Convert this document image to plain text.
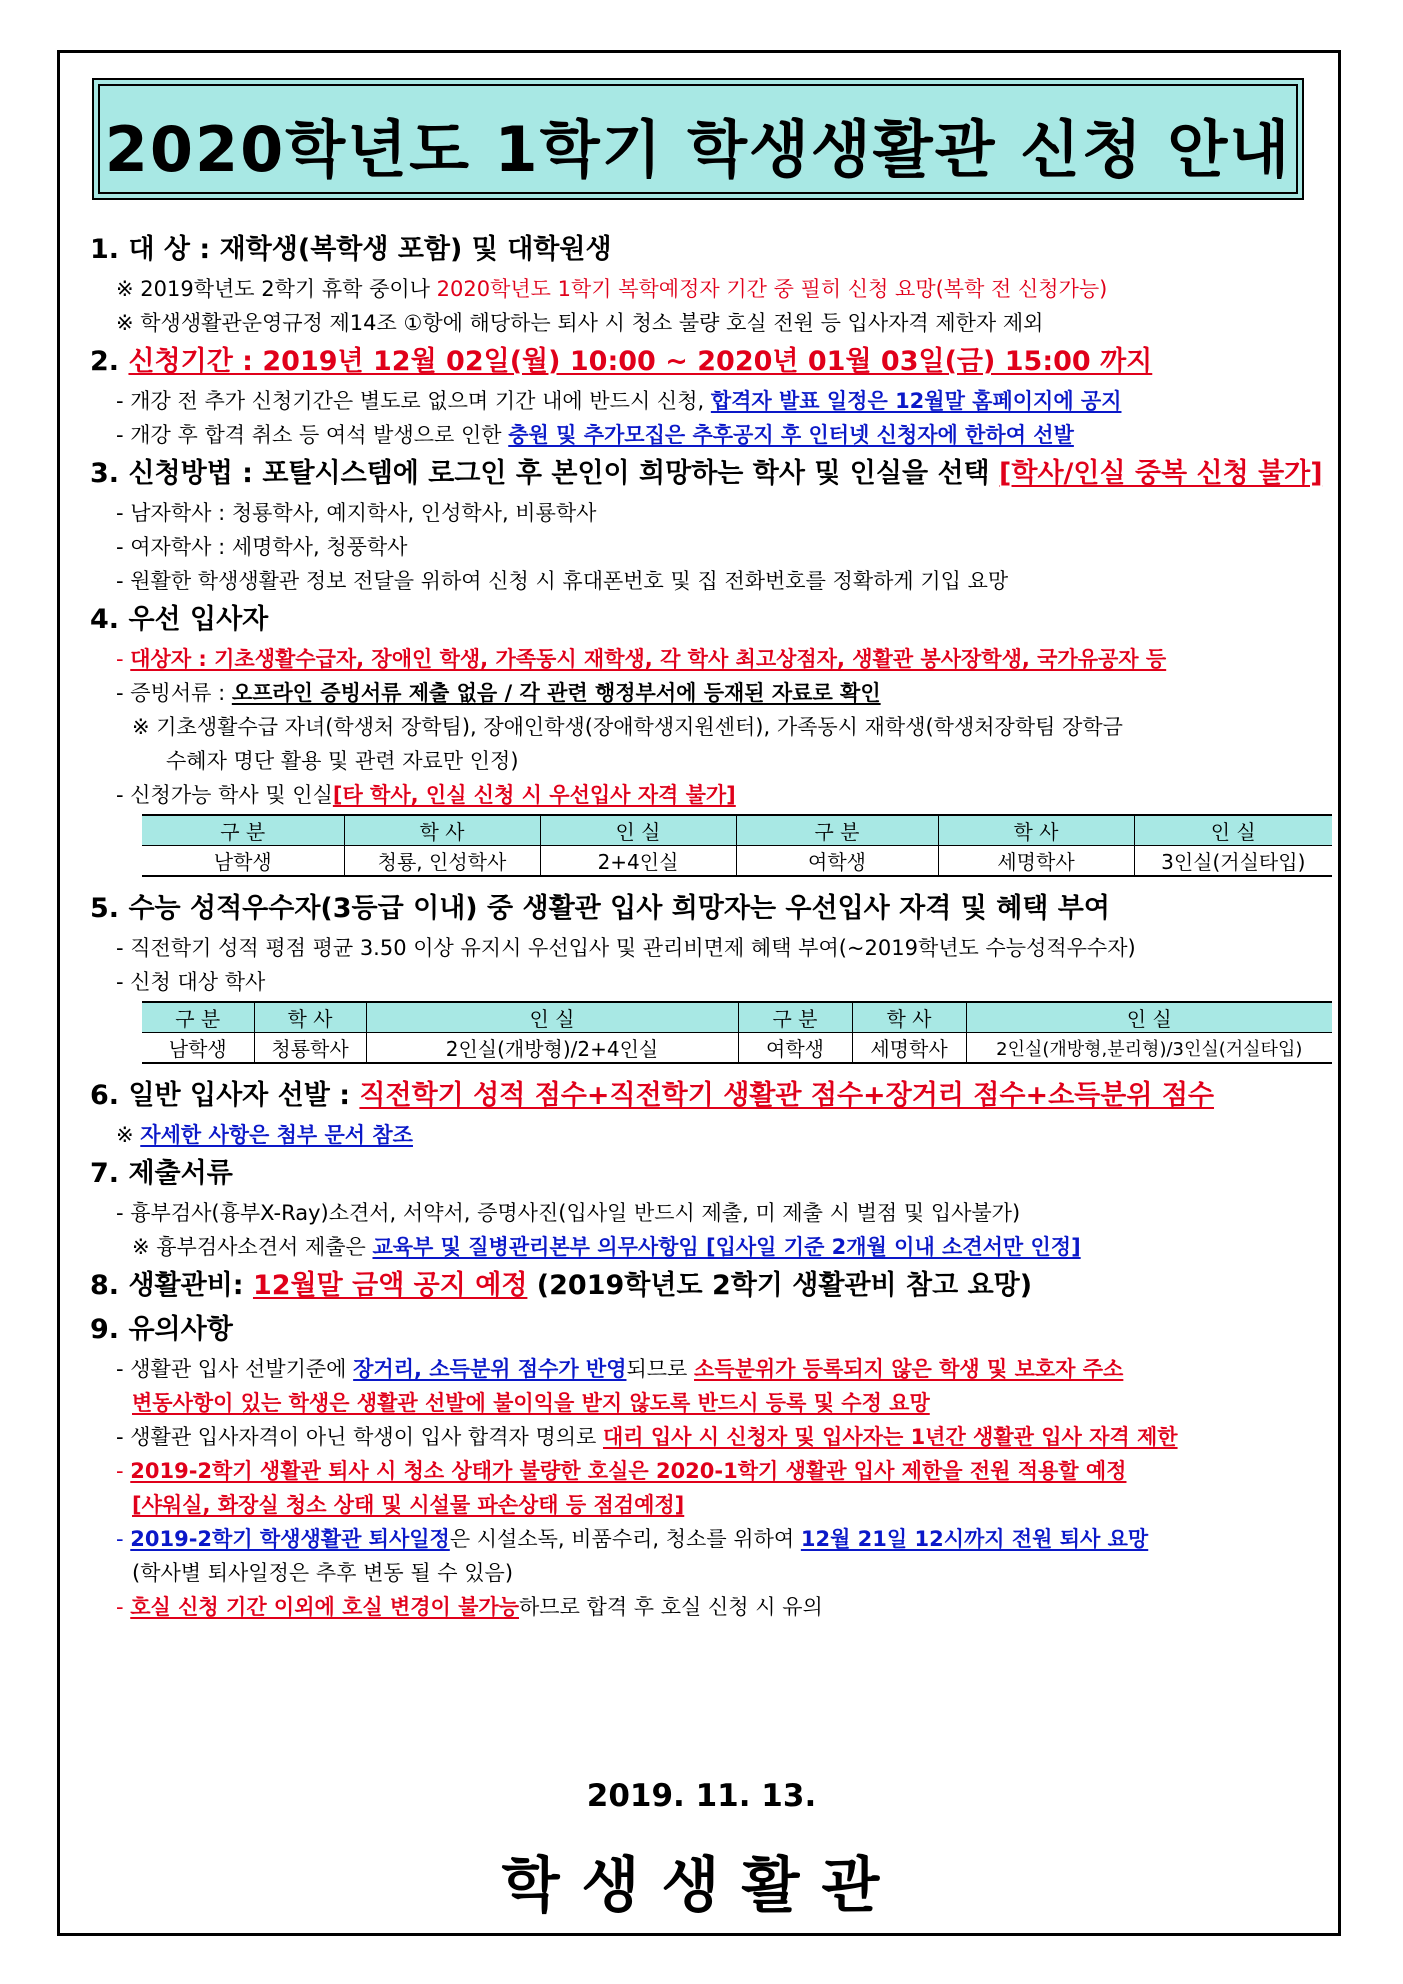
2020학년도 1학기 학생생활관 신청 안내
1. 대 상 : 재학생(복학생 포함) 및 대학원생
※ 2019학년도 2학기 휴학 중이나 2020학년도 1학기 복학예정자 기간 중 필히 신청 요망(복학 전 신청가능)
※ 학생생활관운영규정 제14조 ①항에 해당하는 퇴사 시 청소 불량 호실 전원 등 입사자격 제한자 제외
2. 신청기간 : 2019년 12월 02일(월) 10:00 ~ 2020년 01월 03일(금) 15:00 까지
- 개강 전 추가 신청기간은 별도로 없으며 기간 내에 반드시 신청, 합격자 발표 일정은 12월말 홈페이지에 공지
- 개강 후 합격 취소 등 여석 발생으로 인한 충원 및 추가모집은 추후공지 후 인터넷 신청자에 한하여 선발
3. 신청방법 : 포탈시스템에 로그인 후 본인이 희망하는 학사 및 인실을 선택 [학사/인실 중복 신청 불가]
- 남자학사 : 청룡학사, 예지학사, 인성학사, 비룡학사
- 여자학사 : 세명학사, 청풍학사
- 원활한 학생생활관 정보 전달을 위하여 신청 시 휴대폰번호 및 집 전화번호를 정확하게 기입 요망
4. 우선 입사자
- 대상자 : 기초생활수급자, 장애인 학생, 가족동시 재학생, 각 학사 최고상점자, 생활관 봉사장학생, 국가유공자 등
- 증빙서류 : 오프라인 증빙서류 제출 없음 / 각 관련 행정부서에 등재된 자료로 확인
※ 기초생활수급 자녀(학생처 장학팀), 장애인학생(장애학생지원센터), 가족동시 재학생(학생처장학팀 장학금
수혜자 명단 활용 및 관련 자료만 인정)
- 신청가능 학사 및 인실[타 학사, 인실 신청 시 우선입사 자격 불가]
구 분	학 사	인 실	구 분	학 사	인 실
남학생	청룡, 인성학사	2+4인실	여학생	세명학사	3인실(거실타입)
5. 수능 성적우수자(3등급 이내) 중 생활관 입사 희망자는 우선입사 자격 및 혜택 부여
- 직전학기 성적 평점 평균 3.50 이상 유지시 우선입사 및 관리비면제 혜택 부여(~2019학년도 수능성적우수자)
- 신청 대상 학사
구 분	학 사	인 실	구 분	학 사	인 실
남학생	청룡학사	2인실(개방형)/2+4인실	여학생	세명학사	2인실(개방형,분리형)/3인실(거실타입)
6. 일반 입사자 선발 : 직전학기 성적 점수+직전학기 생활관 점수+장거리 점수+소득분위 점수
※ 자세한 사항은 첨부 문서 참조
7. 제출서류
- 흉부검사(흉부X-Ray)소견서, 서약서, 증명사진(입사일 반드시 제출, 미 제출 시 벌점 및 입사불가)
※ 흉부검사소견서 제출은 교육부 및 질병관리본부 의무사항임 [입사일 기준 2개월 이내 소견서만 인정]
8. 생활관비: 12월말 금액 공지 예정 (2019학년도 2학기 생활관비 참고 요망)
9. 유의사항
- 생활관 입사 선발기준에 장거리, 소득분위 점수가 반영되므로 소득분위가 등록되지 않은 학생 및 보호자 주소
변동사항이 있는 학생은 생활관 선발에 불이익을 받지 않도록 반드시 등록 및 수정 요망
- 생활관 입사자격이 아닌 학생이 입사 합격자 명의로 대리 입사 시 신청자 및 입사자는 1년간 생활관 입사 자격 제한
- 2019-2학기 생활관 퇴사 시 청소 상태가 불량한 호실은 2020-1학기 생활관 입사 제한을 전원 적용할 예정
[샤워실, 화장실 청소 상태 및 시설물 파손상태 등 점검예정]
- 2019-2학기 학생생활관 퇴사일정은 시설소독, 비품수리, 청소를 위하여 12월 21일 12시까지 전원 퇴사 요망
(학사별 퇴사일정은 추후 변동 될 수 있음)
- 호실 신청 기간 이외에 호실 변경이 불가능하므로 합격 후 호실 신청 시 유의
2019. 11. 13.
학생생활관
